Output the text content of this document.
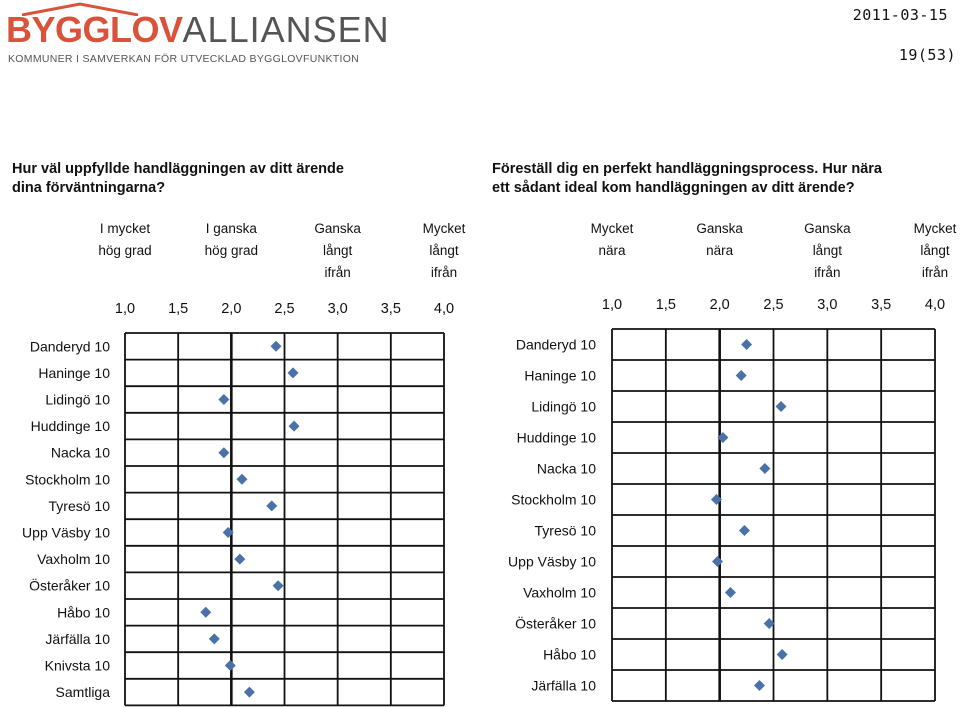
BYGGLOVALLIANSEN
KOMMUNER I SAMVERKAN FÖR UTVECKLAD BYGGLOVFUNKTION
2011-03-15
19(53)
Hur väl uppfyllde handläggningen av ditt ärende
dina förväntningarna?
Föreställ dig en perfekt handläggningsprocess. Hur nära
ett sådant ideal kom handläggningen av ditt ärende?
I mycket
hög grad
I ganska
hög grad
Ganska
långt
ifrån
Mycket
långt
ifrån
1,0 1,5 2,0 2,5 3,0 3,5 4,0
Danderyd 10
Haninge 10
Lidingö 10
Huddinge 10
Nacka 10
Stockholm 10
Tyresö 10
Upp Väsby 10
Vaxholm 10
Österåker 10
Håbo 10
Järfälla 10
Knivsta 10
Samtliga
Mycket
nära
Ganska
nära
Ganska
långt
ifrån
Mycket
långt
ifrån
1,0 1,5 2,0 2,5 3,0 3,5 4,0
Danderyd 10
Haninge 10
Lidingö 10
Huddinge 10
Nacka 10
Stockholm 10
Tyresö 10
Upp Väsby 10
Vaxholm 10
Österåker 10
Håbo 10
Järfälla 10
